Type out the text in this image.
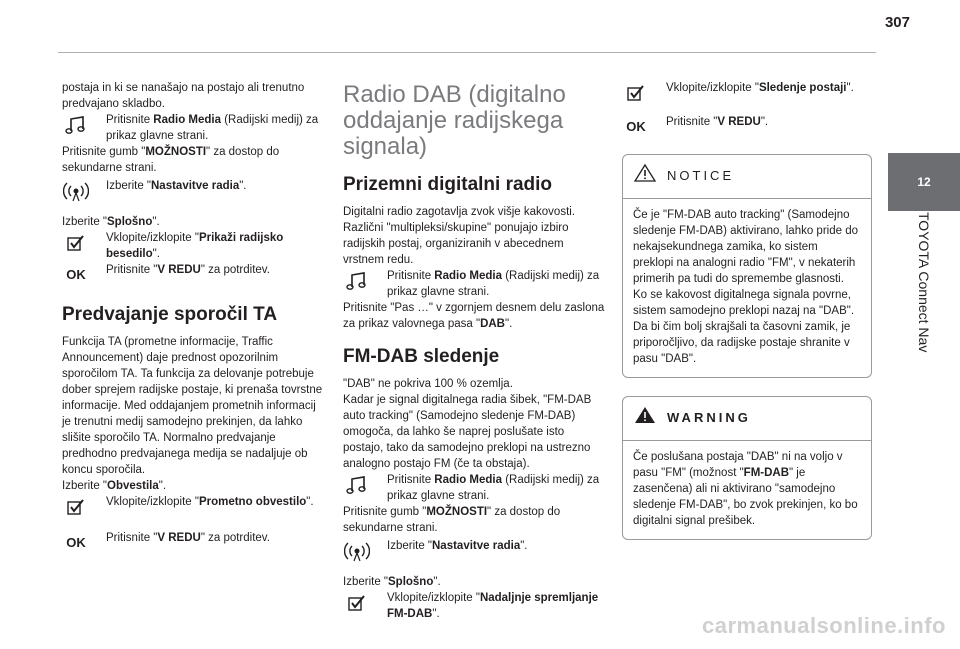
307
12
TOYOTA Connect Nav

postaja in ki se nanašajo na postajo ali trenutno predvajano skladbo.

Pritisnite Radio Media (Radijski medij) za prikaz glavne strani.

Pritisnite gumb "MOŽNOSTI" za dostop do sekundarne strani.

Izberite "Nastavitve radia".

Izberite "Splošno".

Vklopite/izklopite "Prikaži radijsko besedilo".

OK Pritisnite "V REDU" za potrditev.

Predvajanje sporočil TA

Funkcija TA (prometne informacije, Traffic Announcement) daje prednost opozorilnim sporočilom TA. Ta funkcija za delovanje potrebuje dober sprejem radijske postaje, ki prenaša tovrstne informacije. Med oddajanjem prometnih informacij je trenutni medij samodejno prekinjen, da lahko slišite sporočilo TA. Normalno predvajanje predhodno predvajanega medija se nadaljuje ob koncu sporočila.

Izberite "Obvestila".

Vklopite/izklopite "Prometno obvestilo".

OK Pritisnite "V REDU" za potrditev.

Radio DAB (digitalno oddajanje radijskega signala)
Prizemni digitalni radio

Digitalni radio zagotavlja zvok višje kakovosti. Različni "multipleksi/skupine" ponujajo izbiro radijskih postaj, organiziranih v abecednem vrstnem redu.

Pritisnite Radio Media (Radijski medij) za prikaz glavne strani.

Pritisnite "Pas …" v zgornjem desnem delu zaslona za prikaz valovnega pasa "DAB".

FM-DAB sledenje

"DAB" ne pokriva 100 % ozemlja.

Kadar je signal digitalnega radia šibek, "FM-DAB auto tracking" (Samodejno sledenje FM-DAB) omogoča, da lahko še naprej poslušate isto postajo, tako da samodejno preklopi na ustrezno analogno postajo FM (če ta obstaja).

Pritisnite Radio Media (Radijski medij) za prikaz glavne strani.

Pritisnite gumb "MOŽNOSTI" za dostop do sekundarne strani.

Izberite "Nastavitve radia".

Izberite "Splošno".

Vklopite/izklopite "Nadaljnje spremljanje FM-DAB".

Vklopite/izklopite "Sledenje postaji".

OK Pritisnite "V REDU".

NOTICE

Če je "FM-DAB auto tracking" (Samodejno sledenje FM-DAB) aktivirano, lahko pride do nekajsekundnega zamika, ko sistem preklopi na analogni radio "FM", v nekaterih primerih pa tudi do spremembe glasnosti.

Ko se kakovost digitalnega signala povrne, sistem samodejno preklopi nazaj na "DAB".

Da bi čim bolj skrajšali ta časovni zamik, je priporočljivo, da radijske postaje shranite v pasu "DAB".

WARNING

Če poslušana postaja "DAB" ni na voljo v pasu "FM" (možnost "FM-DAB" je zasenčena) ali ni aktivirano "samodejno sledenje FM-DAB", bo zvok prekinjen, ko bo digitalni signal prešibek.

carmanualsonline.info
